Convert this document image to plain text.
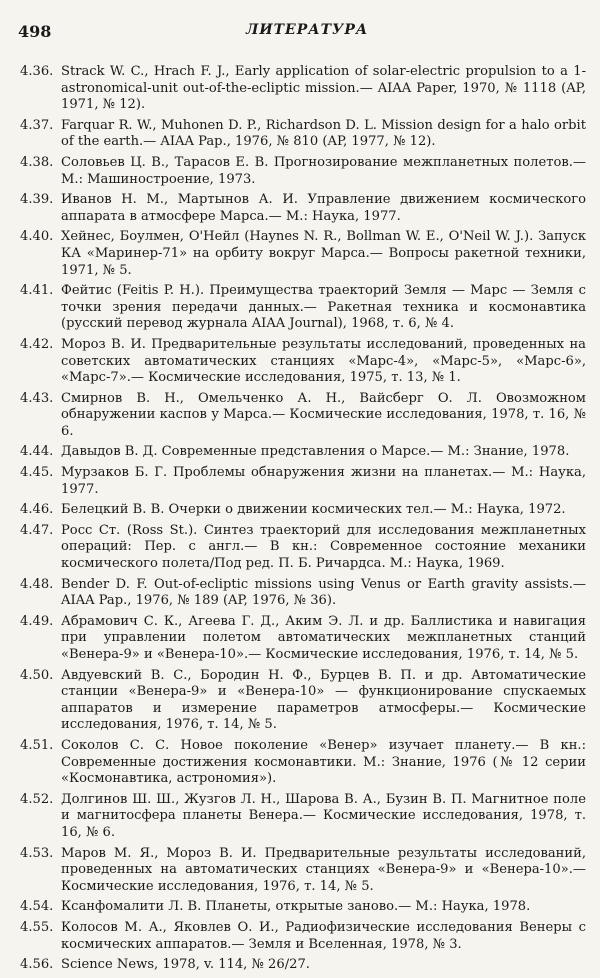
498	ЛИТЕРАТУРА
4.36. Strack W. C., Hrach F. J., Early application of solar-electric propulsion to a 1-astronomical-unit out-of-the-ecliptic mission.— AIAA Paper, 1970, № 1118 (AP, 1971, № 12).
4.37. Farquar R. W., Muhonen D. P., Richardson D. L. Mission design for a halo orbit of the earth.— AIAA Pap., 1976, № 810 (AP, 1977, № 12).
4.38. Соловьев Ц. В., Тарасов Е. В. Прогнозирование межпланетных полетов.— М.: Машиностроение, 1973.
4.39. Иванов Н. М., Мартынов А. И. Управление движением космического аппарата в атмосфере Марса.— М.: Наука, 1977.
4.40. Хейнес, Боулмен, О'Нейл (Haynes N. R., Bollman W. E., O'Neil W. J.). Запуск КА «Маринер-71» на орбиту вокруг Марса.— Вопросы ракетной техники, 1971, № 5.
4.41. Фейтис (Feitis P. H.). Преимущества траекторий Земля — Марс — Земля с точки зрения передачи данных.— Ракетная техника и космонавтика (русский перевод журнала AIAA Journal), 1968, т. 6, № 4.
4.42. Мороз В. И. Предварительные результаты исследований, проведенных на советских автоматических станциях «Марс-4», «Марс-5», «Марс-6», «Марс-7».— Космические исследования, 1975, т. 13, № 1.
4.43. Смирнов В. Н., Омельченко А. Н., Вайсберг О. Л. Овозможном обнаружении каспов у Марса.— Космические исследования, 1978, т. 16, № 6.
4.44. Давыдов В. Д. Современные представления о Марсе.— М.: Знание, 1978.
4.45. Мурзаков Б. Г. Проблемы обнаружения жизни на планетах.— М.: Наука, 1977.
4.46. Белецкий В. В. Очерки о движении космических тел.— М.: Наука, 1972.
4.47. Росс Ст. (Ross St.). Синтез траекторий для исследования межпланетных операций: Пер. с англ.— В кн.: Современное состояние механики космического полета/Под ред. П. Б. Ричардса. М.: Наука, 1969.
4.48. Bender D. F. Out-of-ecliptic missions using Venus or Earth gravity assists.— AIAA Pap., 1976, № 189 (AP, 1976, № 36).
4.49. Абрамович С. К., Агеева Г. Д., Аким Э. Л. и др. Баллистика и навигация при управлении полетом автоматических межпланетных станций «Венера-9» и «Венера-10».— Космические исследования, 1976, т. 14, № 5.
4.50. Авдуевский В. С., Бородин Н. Ф., Бурцев В. П. и др. Автоматические станции «Венера-9» и «Венера-10» — функционирование спускаемых аппаратов и измерение параметров атмосферы.— Космические исследования, 1976, т. 14, № 5.
4.51. Соколов С. С. Новое поколение «Венер» изучает планету.— В кн.: Современные достижения космонавтики. М.: Знание, 1976 (№ 12 серии «Космонавтика, астрономия»).
4.52. Долгинов Ш. Ш., Жузгов Л. Н., Шарова В. А., Бузин В. П. Магнитное поле и магнитосфера планеты Венера.— Космические исследования, 1978, т. 16, № 6.
4.53. Маров М. Я., Мороз В. И. Предварительные результаты исследований, проведенных на автоматических станциях «Венера-9» и «Венера-10».— Космические исследования, 1976, т. 14, № 5.
4.54. Ксанфомалити Л. В. Планеты, открытые заново.— М.: Наука, 1978.
4.55. Колосов М. А., Яковлев О. И., Радиофизические исследования Венеры с космических аппаратов.— Земля и Вселенная, 1978, № 3.
4.56. Science News, 1978, v. 114, № 26/27.
